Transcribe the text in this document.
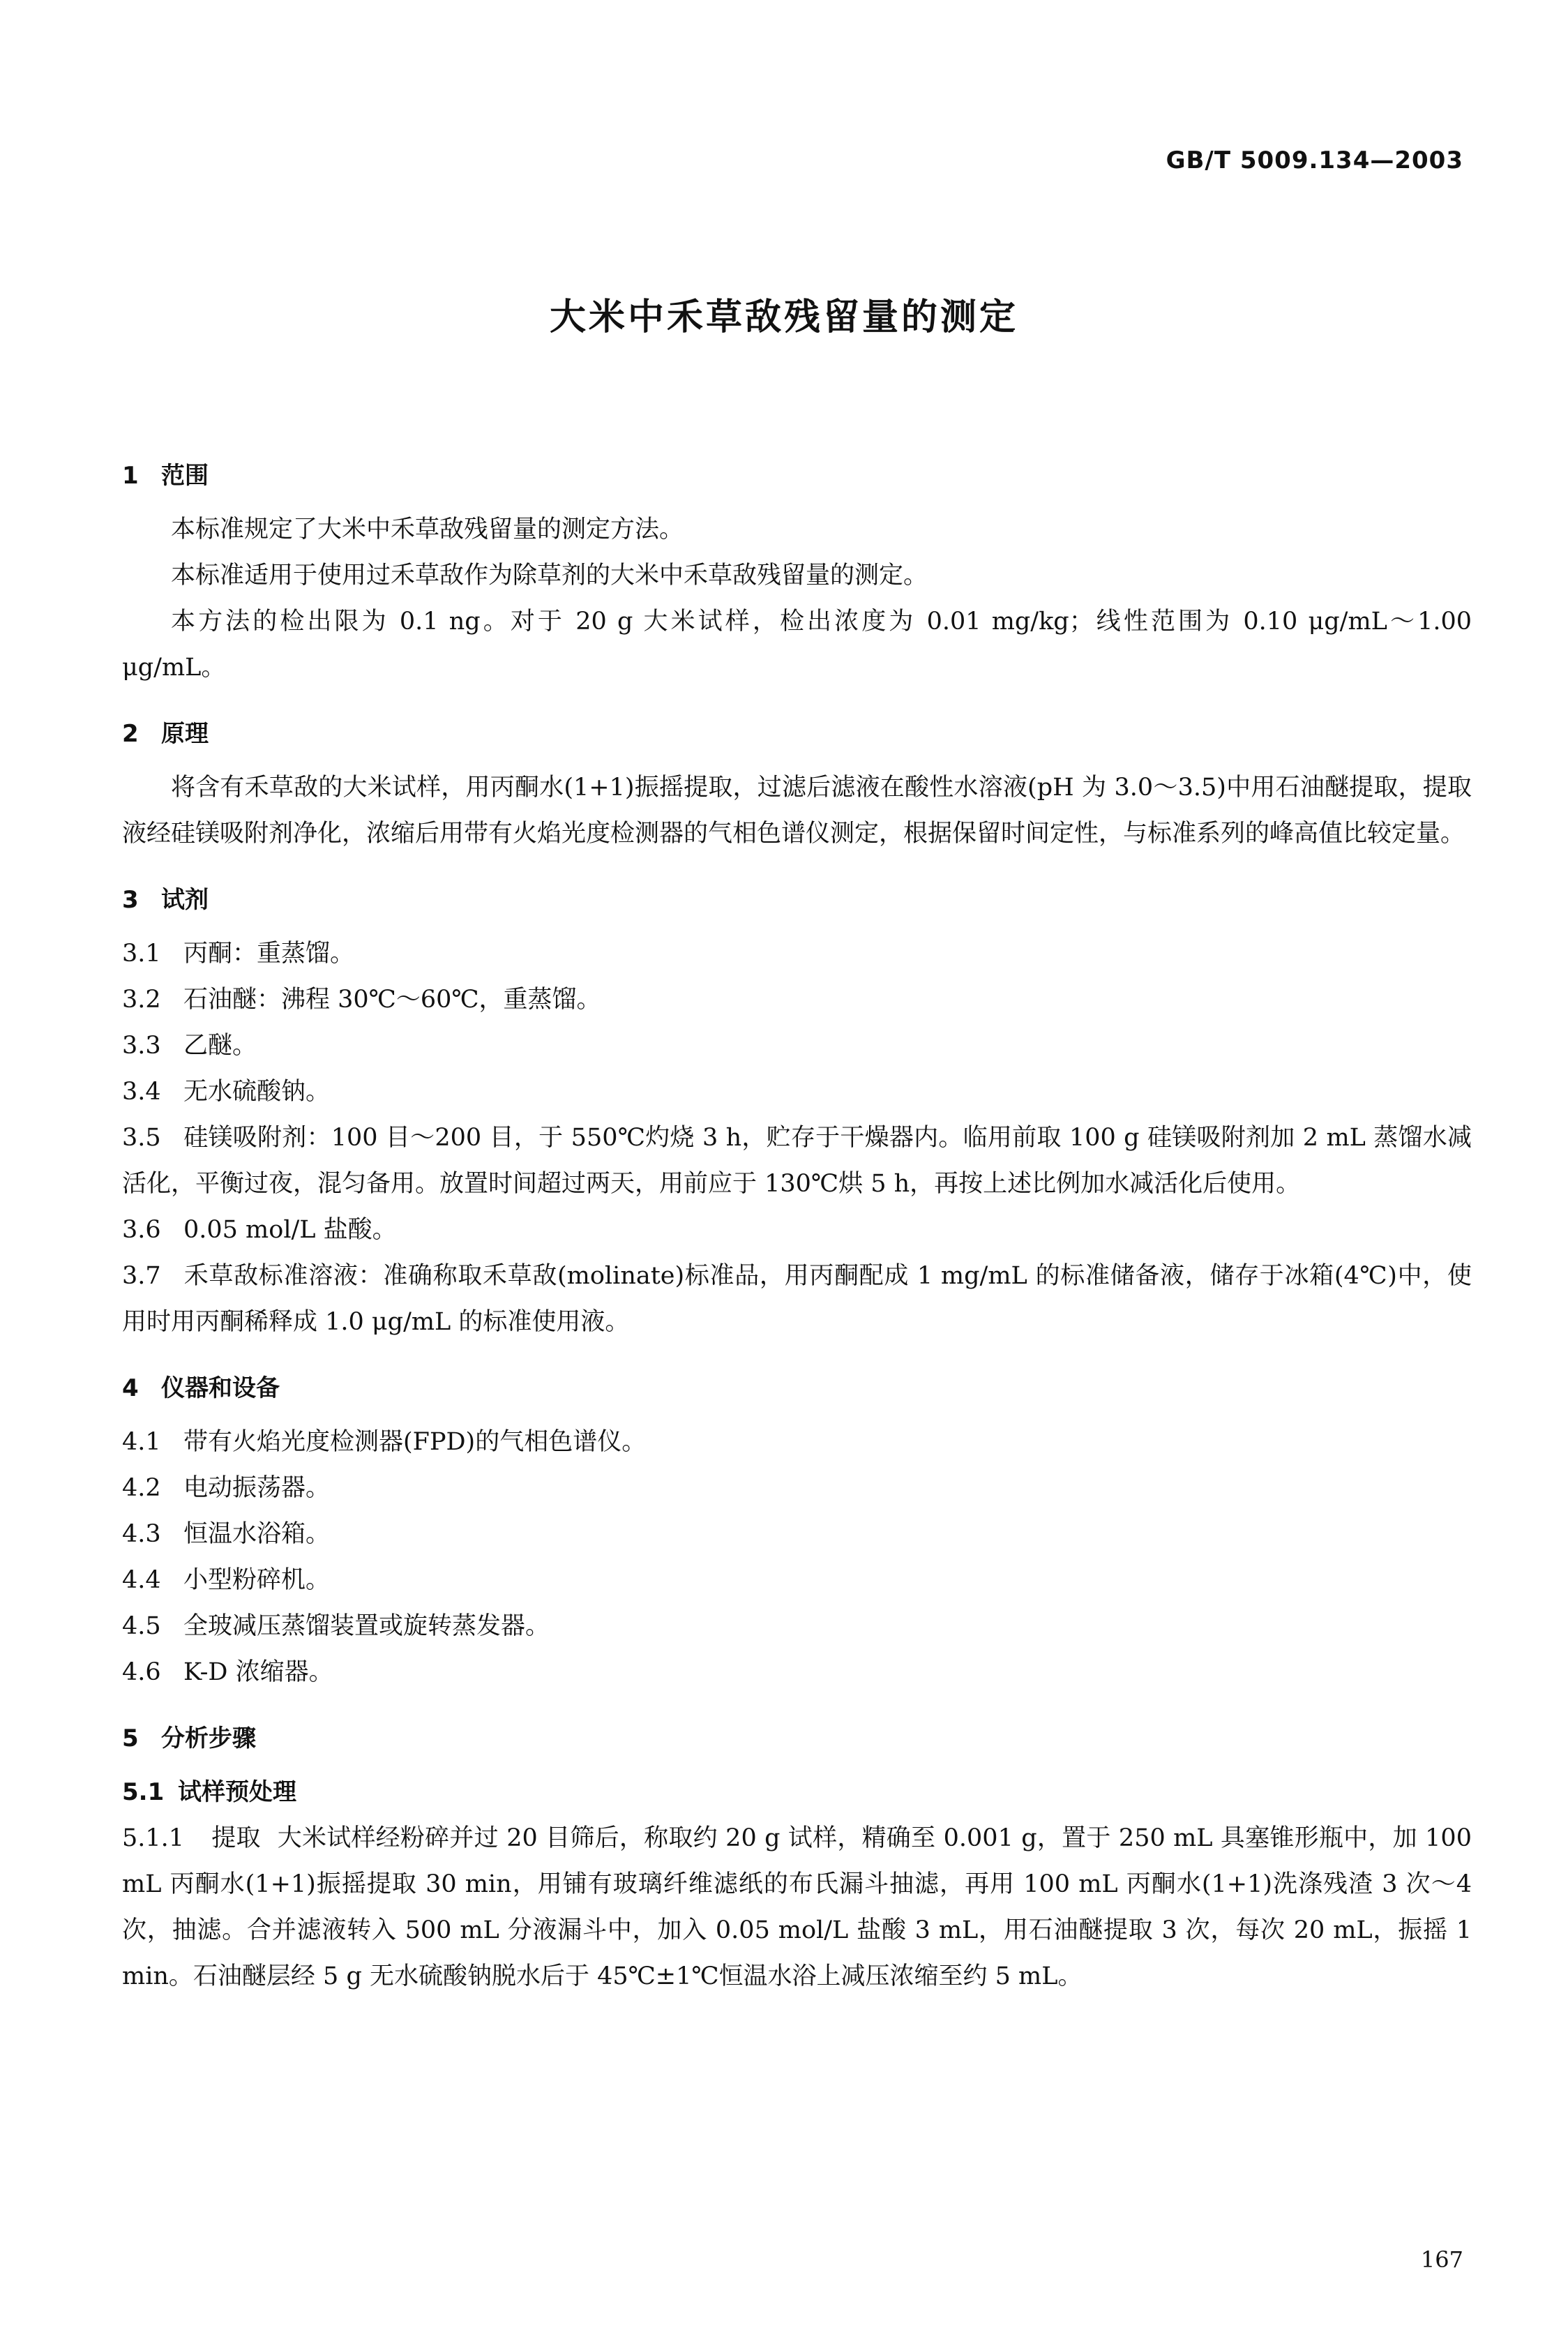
GB/T 5009.134—2003
大米中禾草敌残留量的测定
1 范围
本标准规定了大米中禾草敌残留量的测定方法。
本标准适用于使用过禾草敌作为除草剂的大米中禾草敌残留量的测定。
本方法的检出限为 0.1 ng。对于 20 g 大米试样，检出浓度为 0.01 mg/kg；线性范围为 0.10 μg/mL～1.00 μg/mL。
2 原理
将含有禾草敌的大米试样，用丙酮水(1+1)振摇提取，过滤后滤液在酸性水溶液(pH 为 3.0～3.5)中用石油醚提取，提取液经硅镁吸附剂净化，浓缩后用带有火焰光度检测器的气相色谱仪测定，根据保留时间定性，与标准系列的峰高值比较定量。
3 试剂
3.1 丙酮：重蒸馏。
3.2 石油醚：沸程 30℃～60℃，重蒸馏。
3.3 乙醚。
3.4 无水硫酸钠。
3.5 硅镁吸附剂：100 目～200 目，于 550℃灼烧 3 h，贮存于干燥器内。临用前取 100 g 硅镁吸附剂加 2 mL 蒸馏水减活化，平衡过夜，混匀备用。放置时间超过两天，用前应于 130℃烘 5 h，再按上述比例加水减活化后使用。
3.6 0.05 mol/L 盐酸。
3.7 禾草敌标准溶液：准确称取禾草敌(molinate)标准品，用丙酮配成 1 mg/mL 的标准储备液，储存于冰箱(4℃)中，使用时用丙酮稀释成 1.0 μg/mL 的标准使用液。
4 仪器和设备
4.1 带有火焰光度检测器(FPD)的气相色谱仪。
4.2 电动振荡器。
4.3 恒温水浴箱。
4.4 小型粉碎机。
4.5 全玻减压蒸馏装置或旋转蒸发器。
4.6 K-D 浓缩器。
5 分析步骤
5.1 试样预处理
5.1.1 提取 大米试样经粉碎并过 20 目筛后，称取约 20 g 试样，精确至 0.001 g，置于 250 mL 具塞锥形瓶中，加 100 mL 丙酮水(1+1)振摇提取 30 min，用铺有玻璃纤维滤纸的布氏漏斗抽滤，再用 100 mL 丙酮水(1+1)洗涤残渣 3 次～4 次，抽滤。合并滤液转入 500 mL 分液漏斗中，加入 0.05 mol/L 盐酸 3 mL，用石油醚提取 3 次，每次 20 mL，振摇 1 min。石油醚层经 5 g 无水硫酸钠脱水后于 45℃±1℃恒温水浴上减压浓缩至约 5 mL。
167
